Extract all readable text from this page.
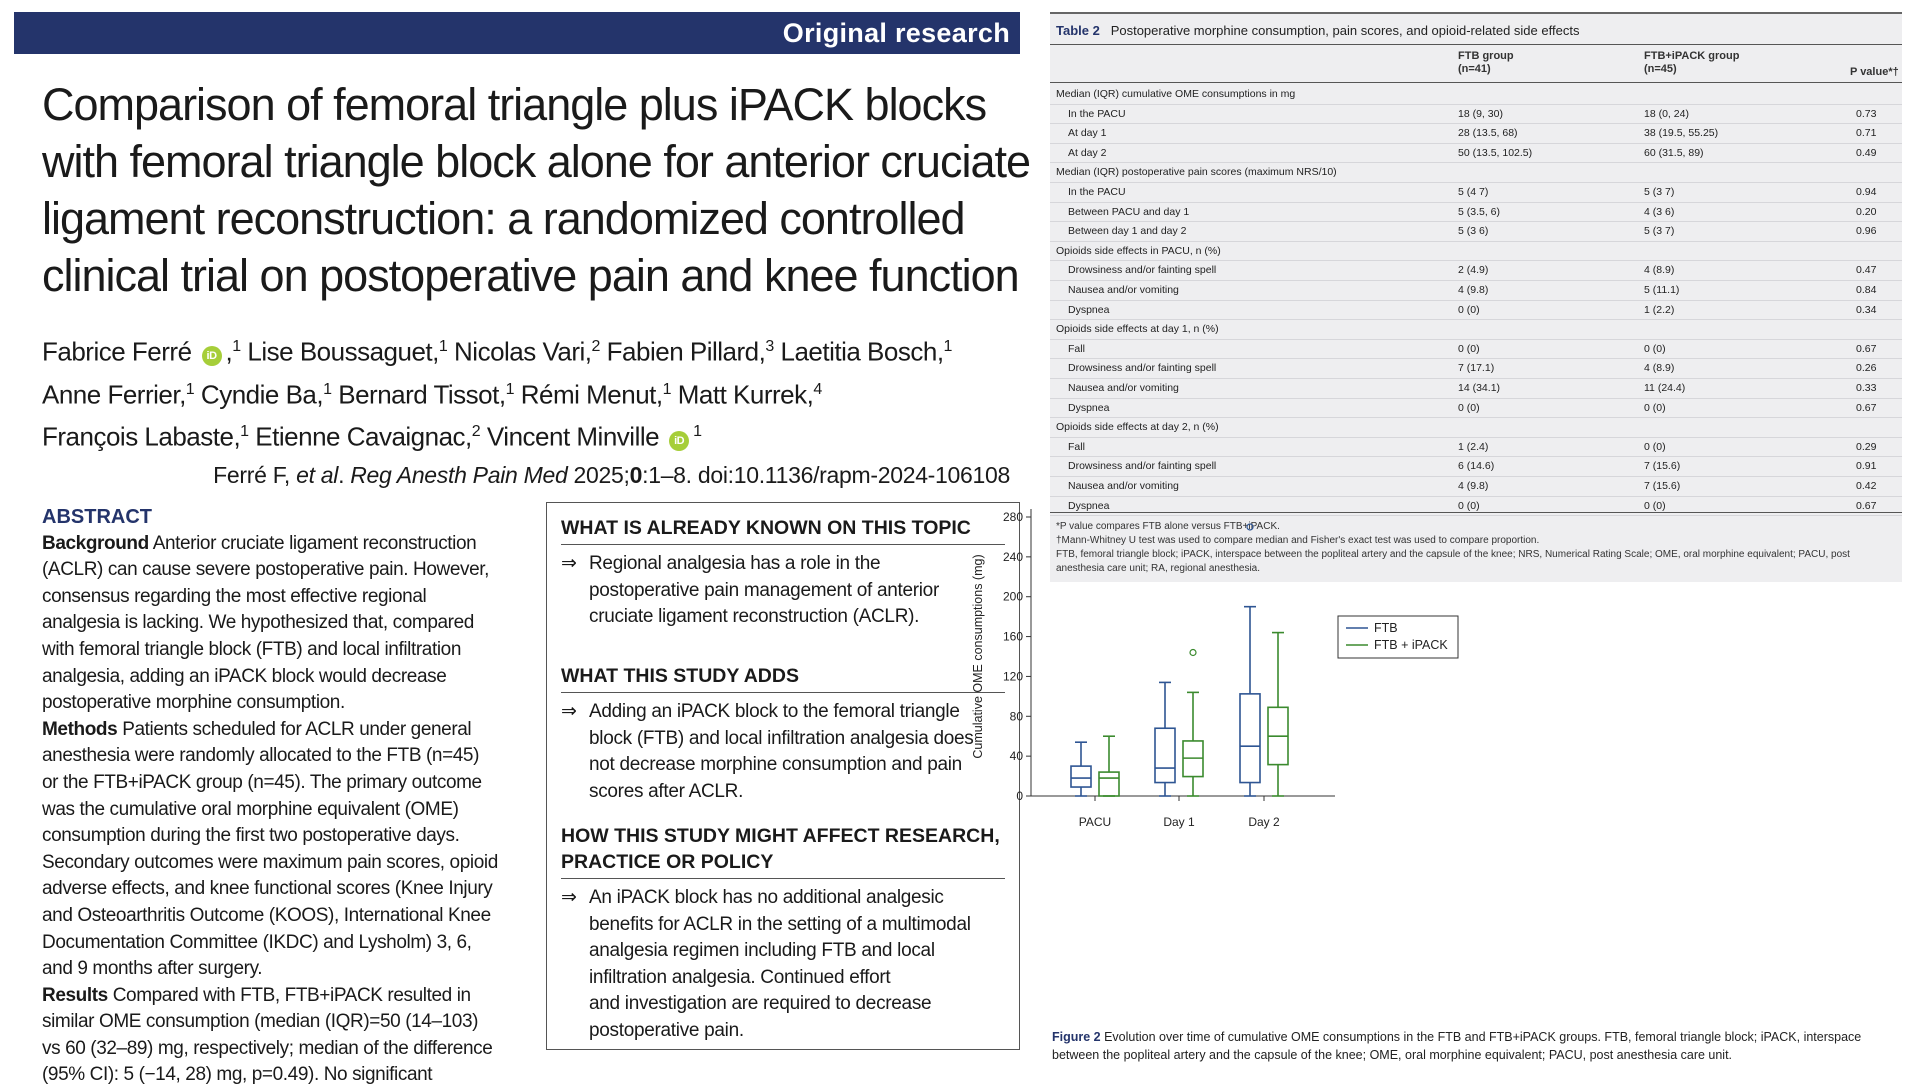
Original research
Comparison of femoral triangle plus iPACK blocks
with femoral triangle block alone for anterior cruciate
ligament reconstruction: a randomized controlled
clinical trial on postoperative pain and knee function
Fabrice Ferré iD ,$^1$ Lise Boussaguet,$^1$ Nicolas Vari,$^2$ Fabien Pillard,$^3$ Laetitia Bosch,$^1$
Anne Ferrier,$^1$ Cyndie Ba,$^1$ Bernard Tissot,$^1$ Rémi Menut,$^1$ Matt Kurrek,$^4$
François Labaste,$^1$ Etienne Cavaignac,$^2$ Vincent Minville $iD^1$
Ferré F, et al. Reg Anesth Pain Med 2025;0:1–8. doi:10.1136/rapm-2024-106108
ABSTRACT
Background Anterior cruciate ligament reconstruction
(ACLR) can cause severe postoperative pain. However,
consensus regarding the most effective regional
analgesia is lacking. We hypothesized that, compared
with femoral triangle block (FTB) and local infiltration
analgesia, adding an iPACK block would decrease
postoperative morphine consumption.
Methods Patients scheduled for ACLR under general
anesthesia were randomly allocated to the FTB (n=45)
or the FTB+iPACK group (n=45). The primary outcome
was the cumulative oral morphine equivalent (OME)
consumption during the first two postoperative days.
Secondary outcomes were maximum pain scores, opioid
adverse effects, and knee functional scores (Knee Injury
and Osteoarthritis Outcome (KOOS), International Knee
Documentation Committee (IKDC) and Lysholm) 3, 6,
and 9 months after surgery.
Results Compared with FTB, FTB+iPACK resulted in
similar OME consumption (median (IQR)=50 (14–103)
vs 60 (32–89) mg, respectively; median of the difference
(95% CI): 5 (−14, 28) mg, p=0.49). No significant
WHAT IS ALREADY KNOWN ON THIS TOPIC
⇒ Regional analgesia has a role in the
postoperative pain management of anterior
cruciate ligament reconstruction (ACLR).
WHAT THIS STUDY ADDS
⇒ Adding an iPACK block to the femoral triangle
block (FTB) and local infiltration analgesia does
not decrease morphine consumption and pain
scores after ACLR.
HOW THIS STUDY MIGHT AFFECT RESEARCH,
PRACTICE OR POLICY
⇒ An iPACK block has no additional analgesic
benefits for ACLR in the setting of a multimodal
analgesia regimen including FTB and local
infiltration analgesia. Continued effort
and investigation are required to decrease
postoperative pain.
Table 2 Postoperative morphine consumption, pain scores, and opioid-related side effects
FTB group
(n=41)
FTB+iPACK group
(n=45)	P value*†
Median (IQR) cumulative OME consumptions in mg
In the PACU	18 (9, 30)	18 (0, 24)	0.73
At day 1	28 (13.5, 68)	38 (19.5, 55.25)	0.71
At day 2	50 (13.5, 102.5)	60 (31.5, 89)	0.49
Median (IQR) postoperative pain scores (maximum NRS/10)
In the PACU	5 (4 7)	5 (3 7)	0.94
Between PACU and day 1	5 (3.5, 6)	4 (3 6)	0.20
Between day 1 and day 2	5 (3 6)	5 (3 7)	0.96
Opioids side effects in PACU, n (%)
Drowsiness and/or fainting spell	2 (4.9)	4 (8.9)	0.47
Nausea and/or vomiting	4 (9.8)	5 (11.1)	0.84
Dyspnea	0 (0)	1 (2.2)	0.34
Opioids side effects at day 1, n (%)
Fall	0 (0)	0 (0)	0.67
Drowsiness and/or fainting spell	7 (17.1)	4 (8.9)	0.26
Nausea and/or vomiting	14 (34.1)	11 (24.4)	0.33
Dyspnea	0 (0)	0 (0)	0.67
Opioids side effects at day 2, n (%)
Fall	1 (2.4)	0 (0)	0.29
Drowsiness and/or fainting spell	6 (14.6)	7 (15.6)	0.91
Nausea and/or vomiting	4 (9.8)	7 (15.6)	0.42
Dyspnea	0 (0)	0 (0)	0.67
*P value compares FTB alone versus FTB+iPACK.
†Mann-Whitney U test was used to compare median and Fisher's exact test was used to compare proportion.
FTB, femoral triangle block; iPACK, interspace between the popliteal artery and the capsule of the knee; NRS, Numerical Rating Scale; OME, oral morphine equivalent; PACU, post
anesthesia care unit; RA, regional anesthesia.
0
40
80
120
160
200
240
280
Cumulative OME consumptions (mg)
PACU	Day 1	Day 2
FTB
FTB + iPACK
Figure 2 Evolution over time of cumulative OME consumptions in the FTB and FTB+iPACK groups. FTB, femoral triangle block; iPACK, interspace
between the popliteal artery and the capsule of the knee; OME, oral morphine equivalent; PACU, post anesthesia care unit.
